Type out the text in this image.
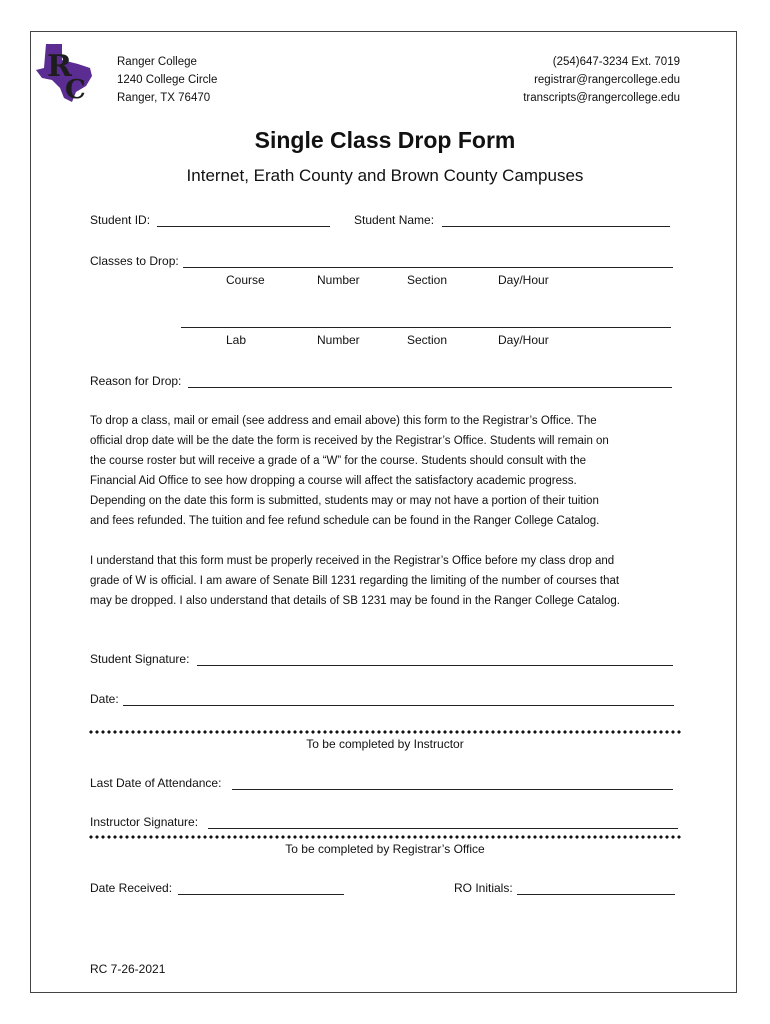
R
C
Ranger College
1240 College Circle
Ranger, TX 76470
(254)647-3234 Ext. 7019
registrar@rangercollege.edu
transcripts@rangercollege.edu
Single Class Drop Form
Internet, Erath County and Brown County Campuses
Student ID:	Student Name:
Classes to Drop:
Course	Number	Section	Day/Hour
Lab	Number	Section	Day/Hour
Reason for Drop:
To drop a class, mail or email (see address and email above) this form to the Registrar’s Office. The
official drop date will be the date the form is received by the Registrar’s Office. Students will remain on
the course roster but will receive a grade of a “W” for the course. Students should consult with the
Financial Aid Office to see how dropping a course will affect the satisfactory academic progress.
Depending on the date this form is submitted, students may or may not have a portion of their tuition
and fees refunded. The tuition and fee refund schedule can be found in the Ranger College Catalog.
I understand that this form must be properly received in the Registrar’s Office before my class drop and
grade of W is official. I am aware of Senate Bill 1231 regarding the limiting of the number of courses that
may be dropped. I also understand that details of SB 1231 may be found in the Ranger College Catalog.
Student Signature:
Date:
To be completed by Instructor
Last Date of Attendance:
Instructor Signature:
To be completed by Registrar’s Office
Date Received:	RO Initials:
RC 7-26-2021
